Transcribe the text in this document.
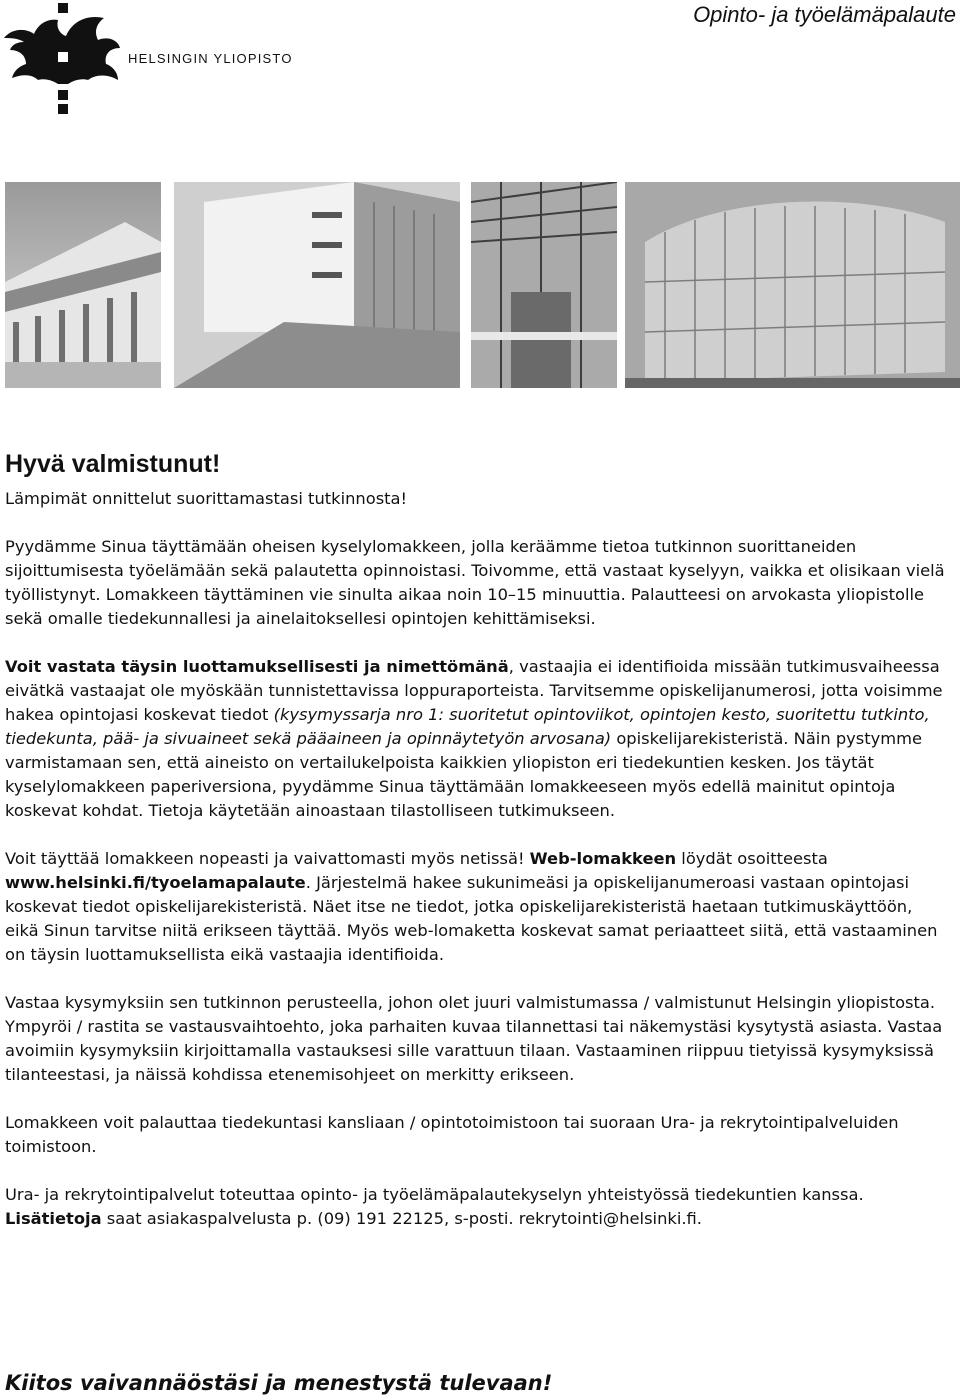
Opinto- ja työelämäpalaute
HELSINGIN YLIOPISTO
Hyvä valmistunut!

Lämpimät onnittelut suorittamastasi tutkinnosta!

Pyydämme Sinua täyttämään oheisen kyselylomakkeen, jolla keräämme tietoa tutkinnon suorittaneiden sijoittumisesta työelämään sekä palautetta opinnoistasi. Toivomme, että vastaat kyselyyn, vaikka et olisikaan vielä työllistynyt. Lomakkeen täyttäminen vie sinulta aikaa noin 10–15 minuuttia. Palautteesi on arvokasta yliopistolle sekä omalle tiedekunnallesi ja ainelaitoksellesi opintojen kehittämiseksi.

Voit vastata täysin luottamuksellisesti ja nimettömänä, vastaajia ei identifioida missään tutkimusvaiheessa eivätkä vastaajat ole myöskään tunnistettavissa loppuraporteista. Tarvitsemme opiskelijanumerosi, jotta voisimme hakea opintojasi koskevat tiedot (kysymyssarja nro 1: suoritetut opintoviikot, opintojen kesto, suoritettu tutkinto, tiedekunta, pää- ja sivuaineet sekä pääaineen ja opinnäytetyön arvosana) opiskelijarekisteristä. Näin pystymme varmistamaan sen, että aineisto on vertailukelpoista kaikkien yliopiston eri tiedekuntien kesken. Jos täytät kyselylomakkeen paperiversiona, pyydämme Sinua täyttämään lomakkeeseen myös edellä mainitut opintoja koskevat kohdat. Tietoja käytetään ainoastaan tilastolliseen tutkimukseen.

Voit täyttää lomakkeen nopeasti ja vaivattomasti myös netissä! Web-lomakkeen löydät osoitteesta www.helsinki.fi/tyoelamapalaute. Järjestelmä hakee sukunimeäsi ja opiskelijanumeroasi vastaan opintojasi koskevat tiedot opiskelijarekisteristä. Näet itse ne tiedot, jotka opiskelijarekisteristä haetaan tutkimuskäyttöön, eikä Sinun tarvitse niitä erikseen täyttää. Myös web-lomaketta koskevat samat periaatteet siitä, että vastaaminen on täysin luottamuksellista eikä vastaajia identifioida.

Vastaa kysymyksiin sen tutkinnon perusteella, johon olet juuri valmistumassa / valmistunut Helsingin yliopistosta. Ympyröi / rastita se vastausvaihtoehto, joka parhaiten kuvaa tilannettasi tai näkemystäsi kysytystä asiasta. Vastaa avoimiin kysymyksiin kirjoittamalla vastauksesi sille varattuun tilaan. Vastaaminen riippuu tietyissä kysymyksissä tilanteestasi, ja näissä kohdissa etenemisohjeet on merkitty erikseen.

Lomakkeen voit palauttaa tiedekuntasi kansliaan / opintotoimistoon tai suoraan Ura- ja rekrytointipalveluiden toimistoon.

Ura- ja rekrytointipalvelut toteuttaa opinto- ja työelämäpalautekyselyn yhteistyössä tiedekuntien kanssa. Lisätietoja saat asiakaspalvelusta p. (09) 191 22125, s-posti. rekrytointi@helsinki.fi.

Kiitos vaivannäöstäsi ja menestystä tulevaan!
